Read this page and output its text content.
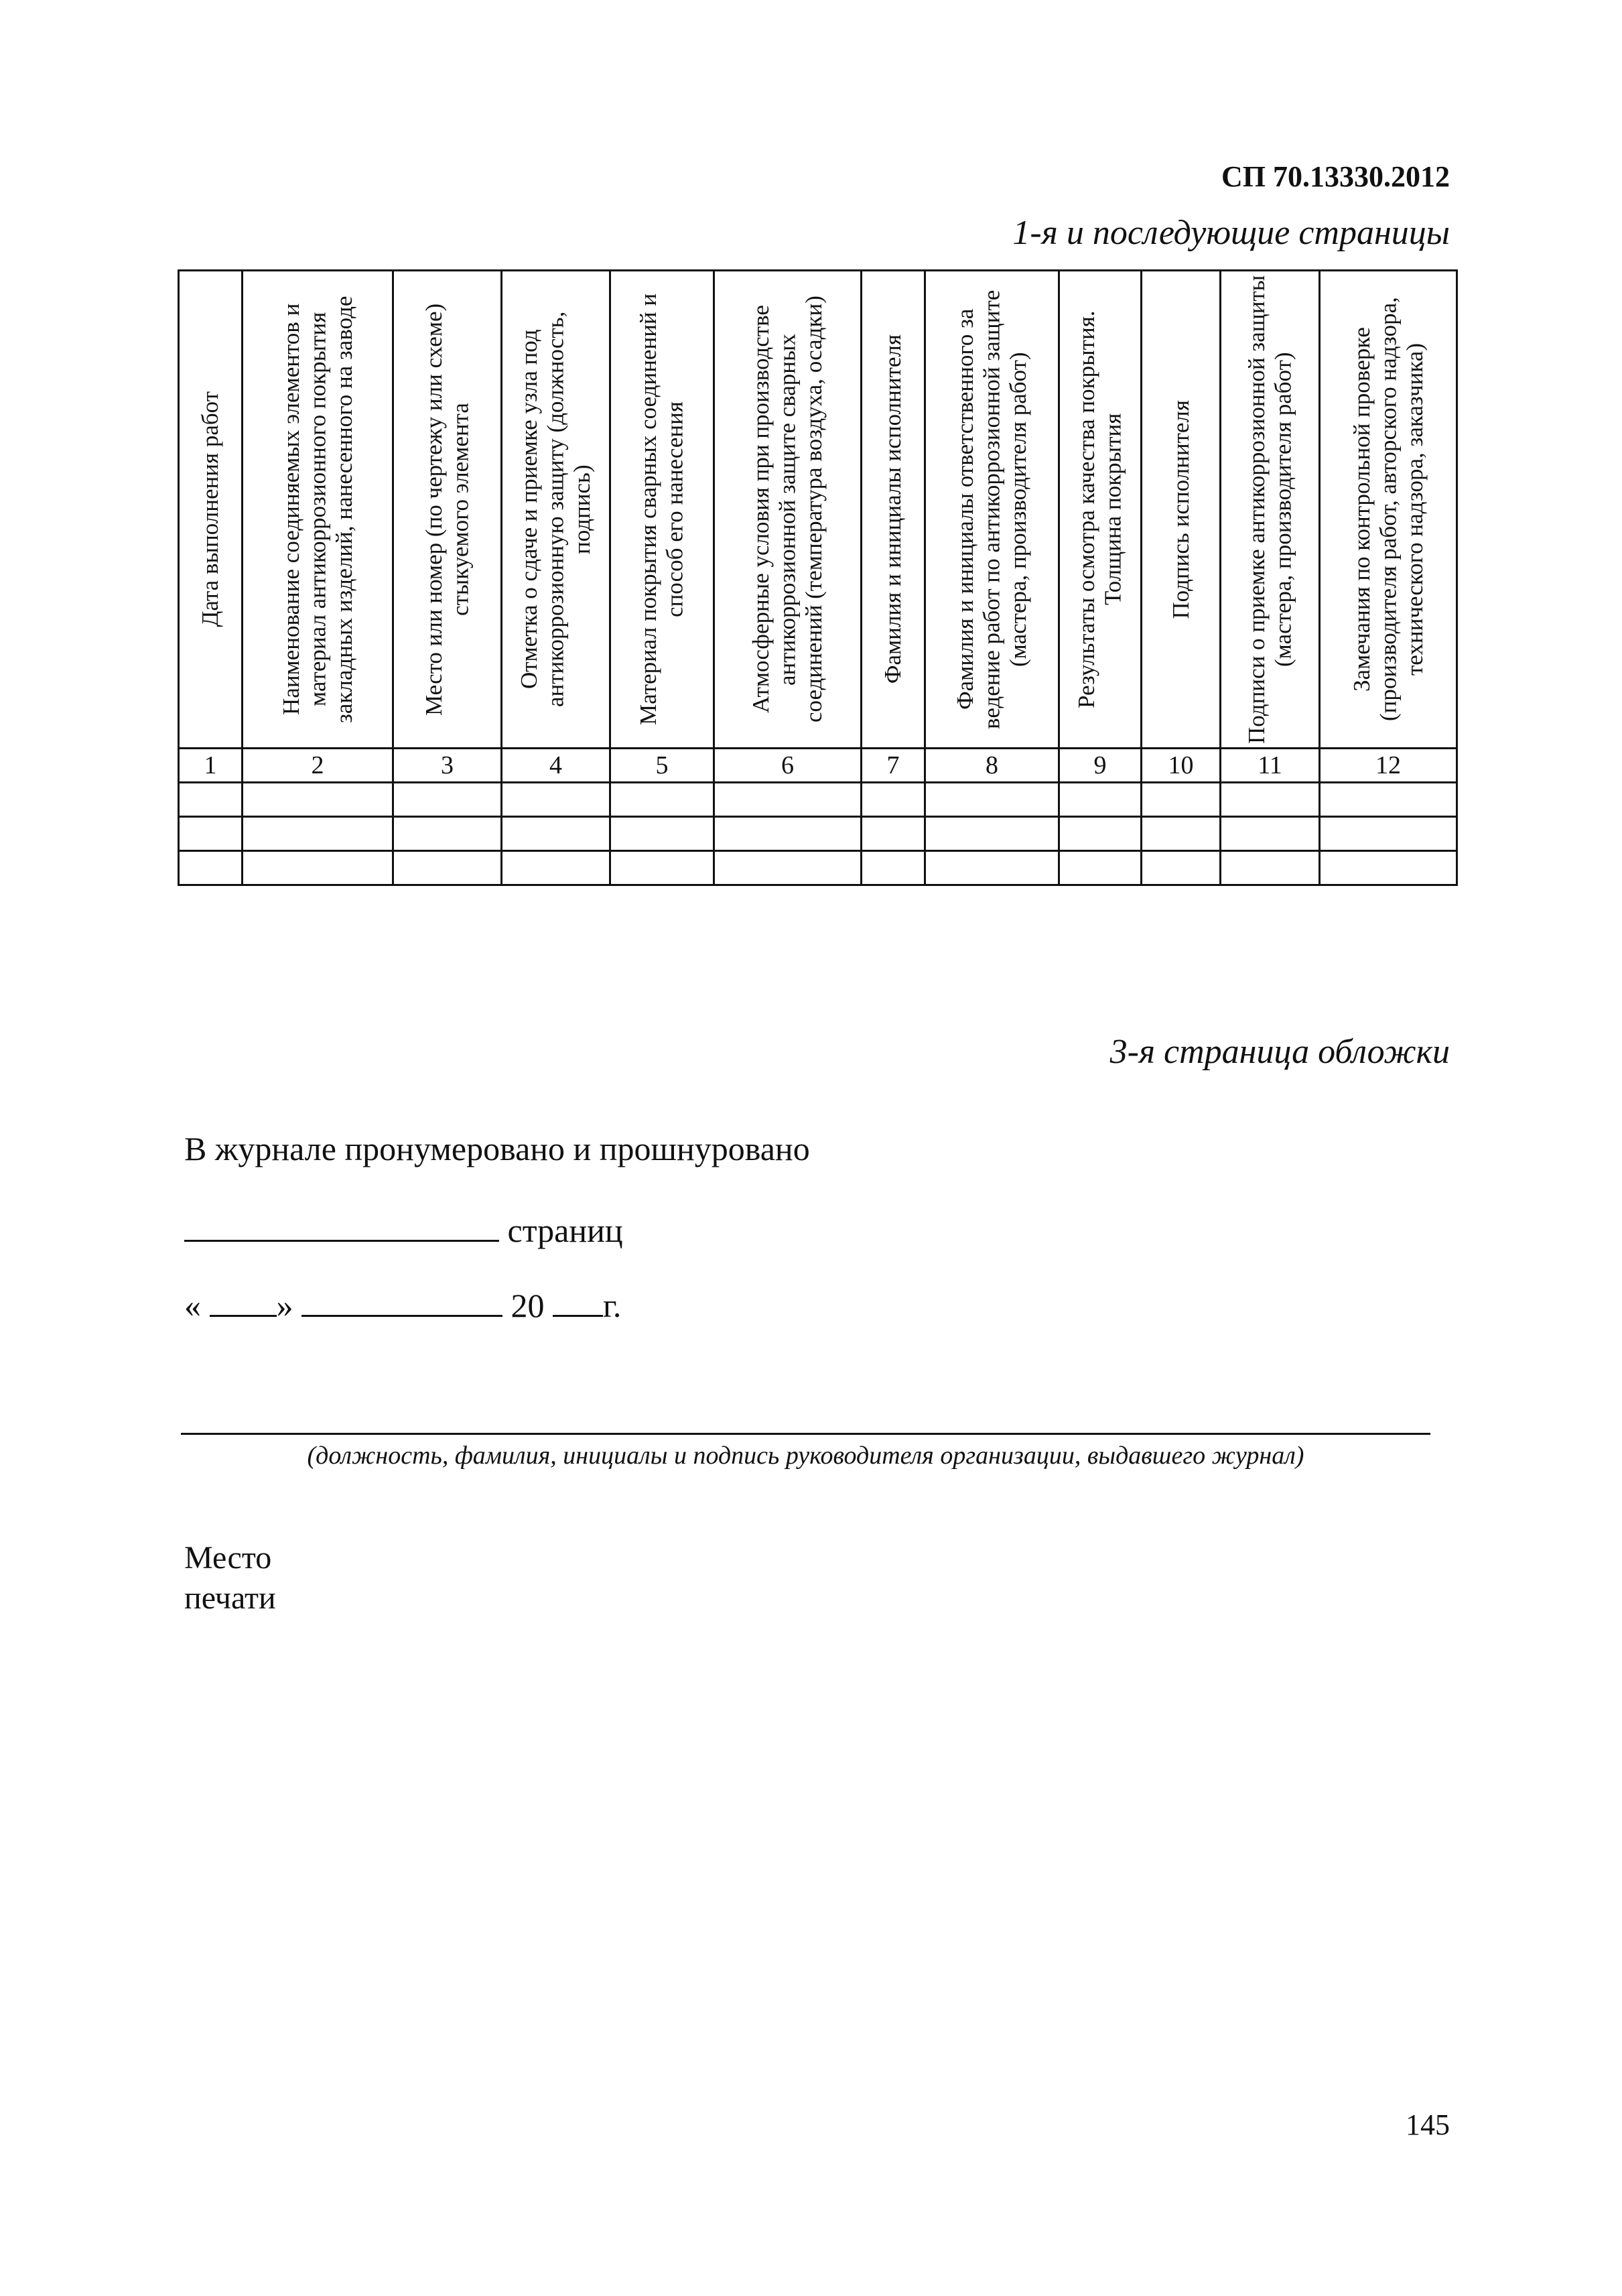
СП 70.13330.2012
1-я и последующие страницы
Дата выполнения работ	Наименование соединяемых элементов и материал антикоррозионного покрытия закладных изделий, нанесенного на заводе	Место или номер (по чертежу или схеме) стыкуемого элемента	Отметка о сдаче и приемке узла под антикоррозионную защиту (должность, подпись)	Материал покрытия сварных соединений и способ его нанесения	Атмосферные условия при производстве антикоррозионной защите сварных соединений (температура воздуха, осадки)	Фамилия и инициалы исполнителя	Фамилия и инициалы ответственного за ведение работ по антикоррозионной защите (мастера, производителя работ)	Результаты осмотра качества покрытия. Толщина покрытия	Подпись исполнителя	Подписи о приемке антикоррозионной защиты (мастера, производителя работ)	Замечания по контрольной проверке (производителя работ, авторского надзора, технического надзора, заказчика)

1	2	3	4	5	6	7	8	9	10	11	12

3-я страница обложки
В журнале пронумеровано и прошнуровано
страниц
« »	20 г.
(должность, фамилия, инициалы и подпись руководителя организации, выдавшего журнал)
Место
печати
145
